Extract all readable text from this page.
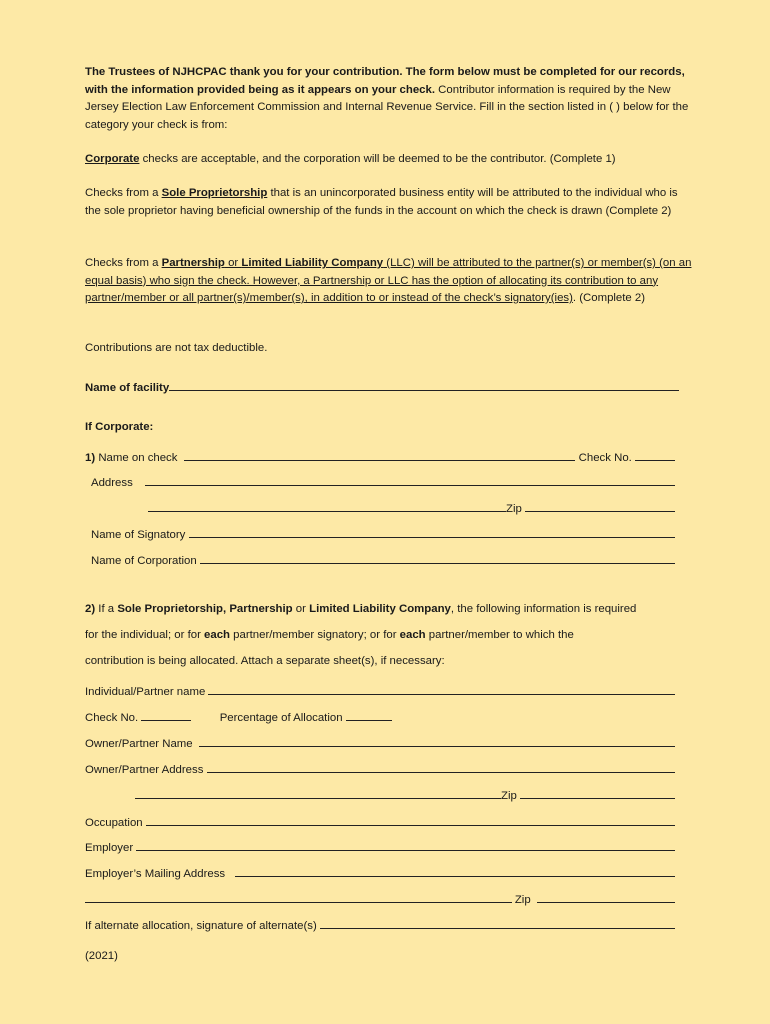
The Trustees of NJHCPAC thank you for your contribution. The form below must be completed for our records, with the information provided being as it appears on your check. Contributor information is required by the New Jersey Election Law Enforcement Commission and Internal Revenue Service. Fill in the section listed in ( ) below for the category your check is from:

Corporate checks are acceptable, and the corporation will be deemed to be the contributor. (Complete 1)

Checks from a Sole Proprietorship that is an unincorporated business entity will be attributed to the individual who is the sole proprietor having beneficial ownership of the funds in the account on which the check is drawn (Complete 2)

Checks from a Partnership or Limited Liability Company (LLC) will be attributed to the partner(s) or member(s) (on an equal basis) who sign the check. However, a Partnership or LLC has the option of allocating its contribution to any partner/member or all partner(s)/member(s), in addition to or instead of the check’s signatory(ies). (Complete 2)

Contributions are not tax deductible.
Name of facility
If Corporate:
1)
Name on check

	Check No.

Address

Zip

Name of Signatory

Name of Corporation

2) If a Sole Proprietorship, Partnership or Limited Liability Company, the following information is required
for the individual; or for each partner/member signatory; or for each partner/member to which the
contribution is being allocated. Attach a separate sheet(s), if necessary:
Individual/Partner name

Check No.	Percentage of Allocation
Owner/Partner Name

Owner/Partner Address

Zip

Occupation

Employer

Employer’s Mailing Address

Zip

If alternate allocation, signature of alternate(s)

(2021)
